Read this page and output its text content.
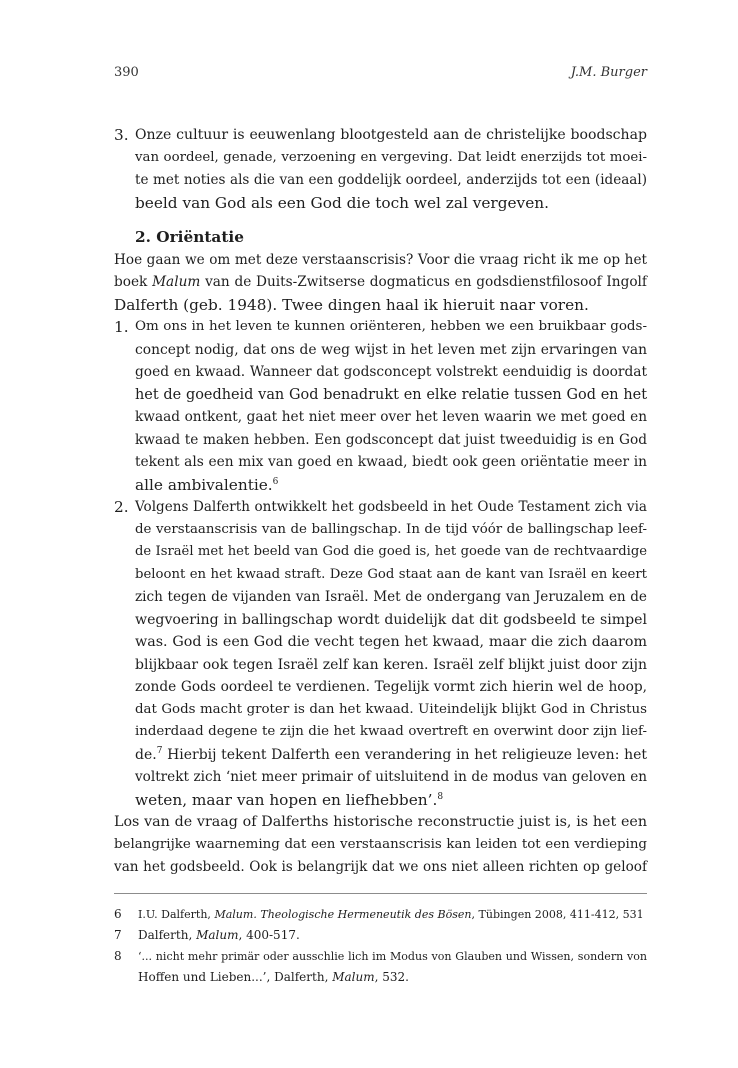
390	J.M. Burger
3. Onze cultuur is eeuwenlang blootgesteld aan de christelijke boodschap
van oordeel, genade, verzoening en vergeving. Dat leidt enerzijds tot moei-
te met noties als die van een goddelijk oordeel, anderzijds tot een (ideaal)
beeld van God als een God die toch wel zal vergeven.
2. Oriëntatie
Hoe gaan we om met deze verstaanscrisis? Voor die vraag richt ik me op het
boek Malum van de Duits-Zwitserse dogmaticus en godsdienstfilosoof Ingolf
Dalferth (geb. 1948). Twee dingen haal ik hieruit naar voren.
1. Om ons in het leven te kunnen oriënteren, hebben we een bruikbaar gods-
concept nodig, dat ons de weg wijst in het leven met zijn ervaringen van
goed en kwaad. Wanneer dat godsconcept volstrekt eenduidig is doordat
het de goedheid van God benadrukt en elke relatie tussen God en het
kwaad ontkent, gaat het niet meer over het leven waarin we met goed en
kwaad te maken hebben. Een godsconcept dat juist tweeduidig is en God
tekent als een mix van goed en kwaad, biedt ook geen oriëntatie meer in
alle ambivalentie.$^6$
2. Volgens Dalferth ontwikkelt het godsbeeld in het Oude Testament zich via
de verstaanscrisis van de ballingschap. In de tijd vóór de ballingschap leef-
de Israël met het beeld van God die goed is, het goede van de rechtvaardige
beloont en het kwaad straft. Deze God staat aan de kant van Israël en keert
zich tegen de vijanden van Israël. Met de ondergang van Jeruzalem en de
wegvoering in ballingschap wordt duidelijk dat dit godsbeeld te simpel
was. God is een God die vecht tegen het kwaad, maar die zich daarom
blijkbaar ook tegen Israël zelf kan keren. Israël zelf blijkt juist door zijn
zonde Gods oordeel te verdienen. Tegelijk vormt zich hierin wel de hoop,
dat Gods macht groter is dan het kwaad. Uiteindelijk blijkt God in Christus
inderdaad degene te zijn die het kwaad overtreft en overwint door zijn lief-
de.$^7$ Hierbij tekent Dalferth een verandering in het religieuze leven: het
voltrekt zich ‘niet meer primair of uitsluitend in de modus van geloven en
weten, maar van hopen en liefhebben’.$^8$
Los van de vraag of Dalferths historische reconstructie juist is, is het een
belangrijke waarneming dat een verstaanscrisis kan leiden tot een verdieping
van het godsbeeld. Ook is belangrijk dat we ons niet alleen richten op geloof
6 I.U. Dalferth, Malum. Theologische Hermeneutik des Bösen, Tübingen 2008, 411-412, 531
7 Dalferth, Malum, 400-517.
8 ‘... nicht mehr primär oder ausschlie lich im Modus von Glauben und Wissen, sondern von
Hoffen und Lieben...’, Dalferth, Malum, 532.
